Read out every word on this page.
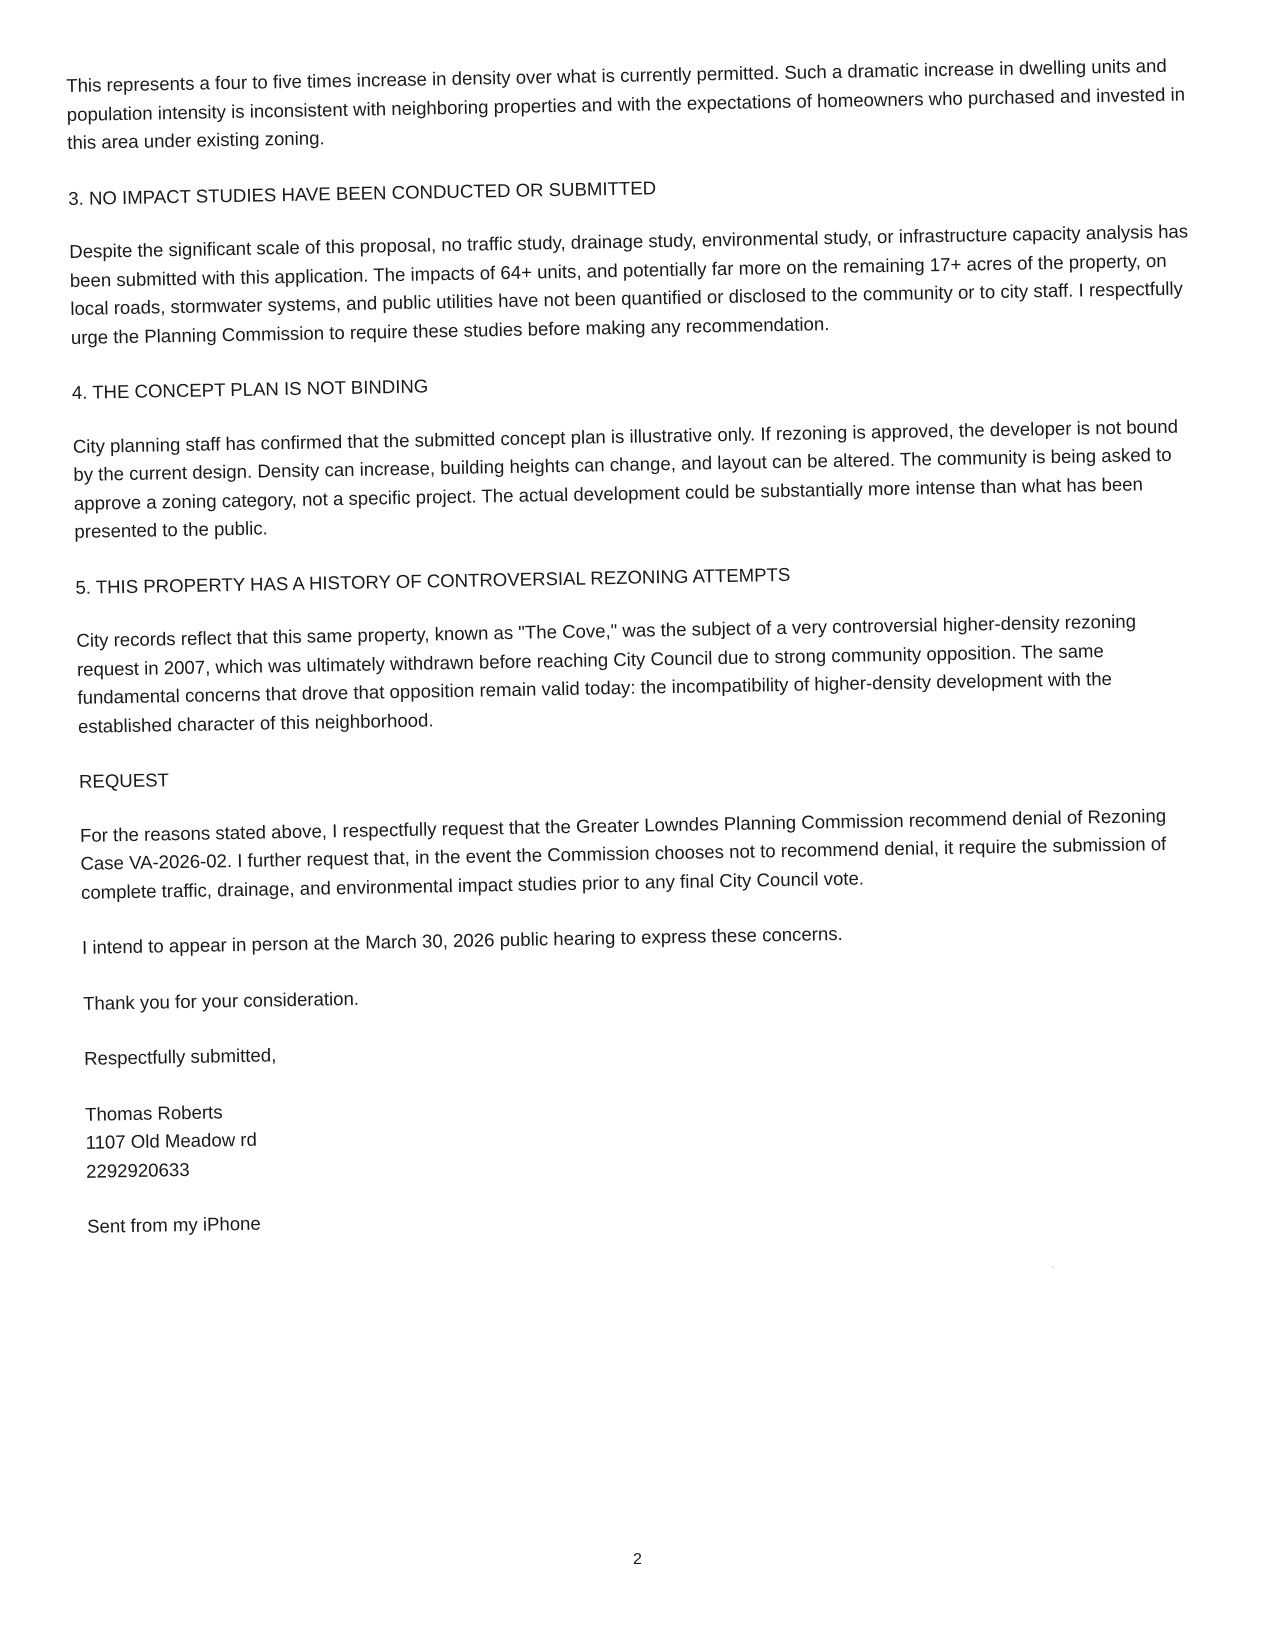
This represents a four to five times increase in density over what is currently permitted. Such a dramatic increase in dwelling units and population intensity is inconsistent with neighboring properties and with the expectations of homeowners who purchased and invested in this area under existing zoning.

3. NO IMPACT STUDIES HAVE BEEN CONDUCTED OR SUBMITTED

Despite the significant scale of this proposal, no traffic study, drainage study, environmental study, or infrastructure capacity analysis has been submitted with this application. The impacts of 64+ units, and potentially far more on the remaining 17+ acres of the property, on local roads, stormwater systems, and public utilities have not been quantified or disclosed to the community or to city staff. I respectfully urge the Planning Commission to require these studies before making any recommendation.

4. THE CONCEPT PLAN IS NOT BINDING

City planning staff has confirmed that the submitted concept plan is illustrative only. If rezoning is approved, the developer is not bound by the current design. Density can increase, building heights can change, and layout can be altered. The community is being asked to approve a zoning category, not a specific project. The actual development could be substantially more intense than what has been presented to the public.

5. THIS PROPERTY HAS A HISTORY OF CONTROVERSIAL REZONING ATTEMPTS

City records reflect that this same property, known as "The Cove," was the subject of a very controversial higher-density rezoning request in 2007, which was ultimately withdrawn before reaching City Council due to strong community opposition. The same fundamental concerns that drove that opposition remain valid today: the incompatibility of higher-density development with the established character of this neighborhood.

REQUEST

For the reasons stated above, I respectfully request that the Greater Lowndes Planning Commission recommend denial of Rezoning Case VA-2026-02. I further request that, in the event the Commission chooses not to recommend denial, it require the submission of complete traffic, drainage, and environmental impact studies prior to any final City Council vote.

I intend to appear in person at the March 30, 2026 public hearing to express these concerns.

Thank you for your consideration.

Respectfully submitted,

Thomas Roberts
1107 Old Meadow rd
2292920633

Sent from my iPhone

2
